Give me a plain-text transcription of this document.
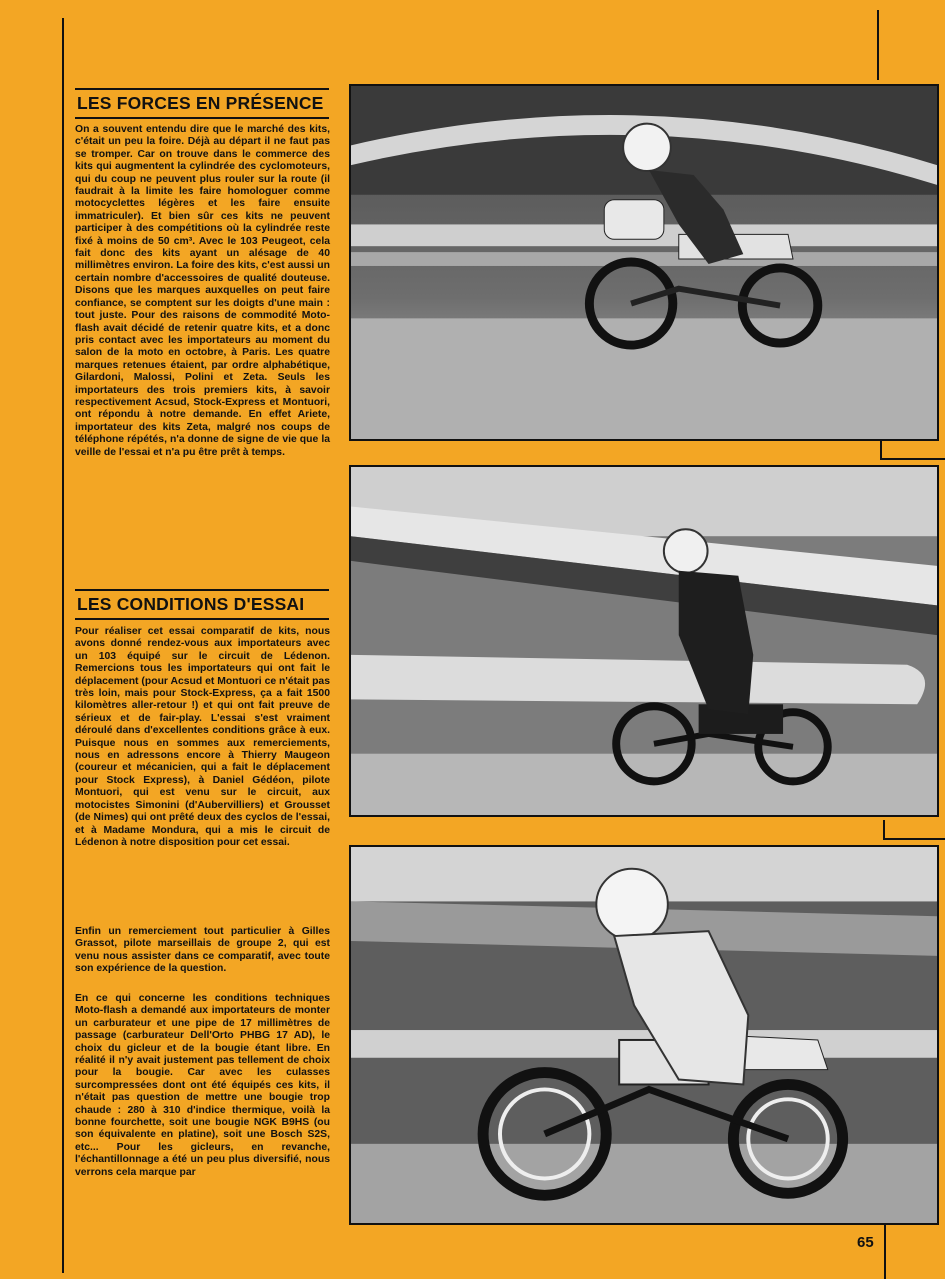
LES FORCES EN PRÉSENCE

On a souvent entendu dire que le marché des kits, c'était un peu la foire. Déjà au départ il ne faut pas se tromper. Car on trouve dans le commerce des kits qui augmentent la cylindrée des cyclomoteurs, qui du coup ne peuvent plus rouler sur la route (il faudrait à la limite les faire homologuer comme motocyclettes légères et les faire ensuite immatriculer). Et bien sûr ces kits ne peuvent participer à des compétitions où la cylindrée reste fixé à moins de 50 cm³. Avec le 103 Peugeot, cela fait donc des kits ayant un alésage de 40 millimètres environ. La foire des kits, c'est aussi un certain nombre d'accessoires de qualité douteuse. Disons que les marques auxquelles on peut faire confiance, se comptent sur les doigts d'une main : tout juste. Pour des raisons de commodité Moto-flash avait décidé de retenir quatre kits, et a donc pris contact avec les importateurs au moment du salon de la moto en octobre, à Paris. Les quatre marques retenues étaient, par ordre alphabétique, Gilardoni, Malossi, Polini et Zeta. Seuls les importateurs des trois premiers kits, à savoir respectivement Acsud, Stock-Express et Montuori, ont répondu à notre demande. En effet Ariete, importateur des kits Zeta, malgré nos coups de téléphone répétés, n'a donne de signe de vie que la veille de l'essai et n'a pu être prêt à temps.

LES CONDITIONS D'ESSAI

Pour réaliser cet essai comparatif de kits, nous avons donné rendez-vous aux importateurs avec un 103 équipé sur le circuit de Lédenon. Remercions tous les importateurs qui ont fait le déplacement (pour Acsud et Montuori ce n'était pas très loin, mais pour Stock-Express, ça a fait 1500 kilomètres aller-retour !) et qui ont fait preuve de sérieux et de fair-play. L'essai s'est vraiment déroulé dans d'excellentes conditions grâce à eux. Puisque nous en sommes aux remerciements, nous en adressons encore à Thierry Maugeon (coureur et mécanicien, qui a fait le déplacement pour Stock Express), à Daniel Gédéon, pilote Montuori, qui est venu sur le circuit, aux motocistes Simonini (d'Aubervilliers) et Grousset (de Nimes) qui ont prêté deux des cyclos de l'essai, et à Madame Mondura, qui a mis le circuit de Lédenon à notre disposition pour cet essai.

Enfin un remerciement tout particulier à Gilles Grassot, pilote marseillais de groupe 2, qui est venu nous assister dans ce comparatif, avec toute son expérience de la question.

En ce qui concerne les conditions techniques Moto-flash a demandé aux importateurs de monter un carburateur et une pipe de 17 millimètres de passage (carburateur Dell'Orto PHBG 17 AD), le choix du gicleur et de la bougie étant libre. En réalité il n'y avait justement pas tellement de choix pour la bougie. Car avec les culasses surcompressées dont ont été équipés ces kits, il n'était pas question de mettre une bougie trop chaude : 280 à 310 d'indice thermique, voilà la bonne fourchette, soit une bougie NGK B9HS (ou son équivalente en platine), soit une Bosch S2S, etc... Pour les gicleurs, en revanche, l'échantillonnage a été un peu plus diversifié, nous verrons cela marque par

65
